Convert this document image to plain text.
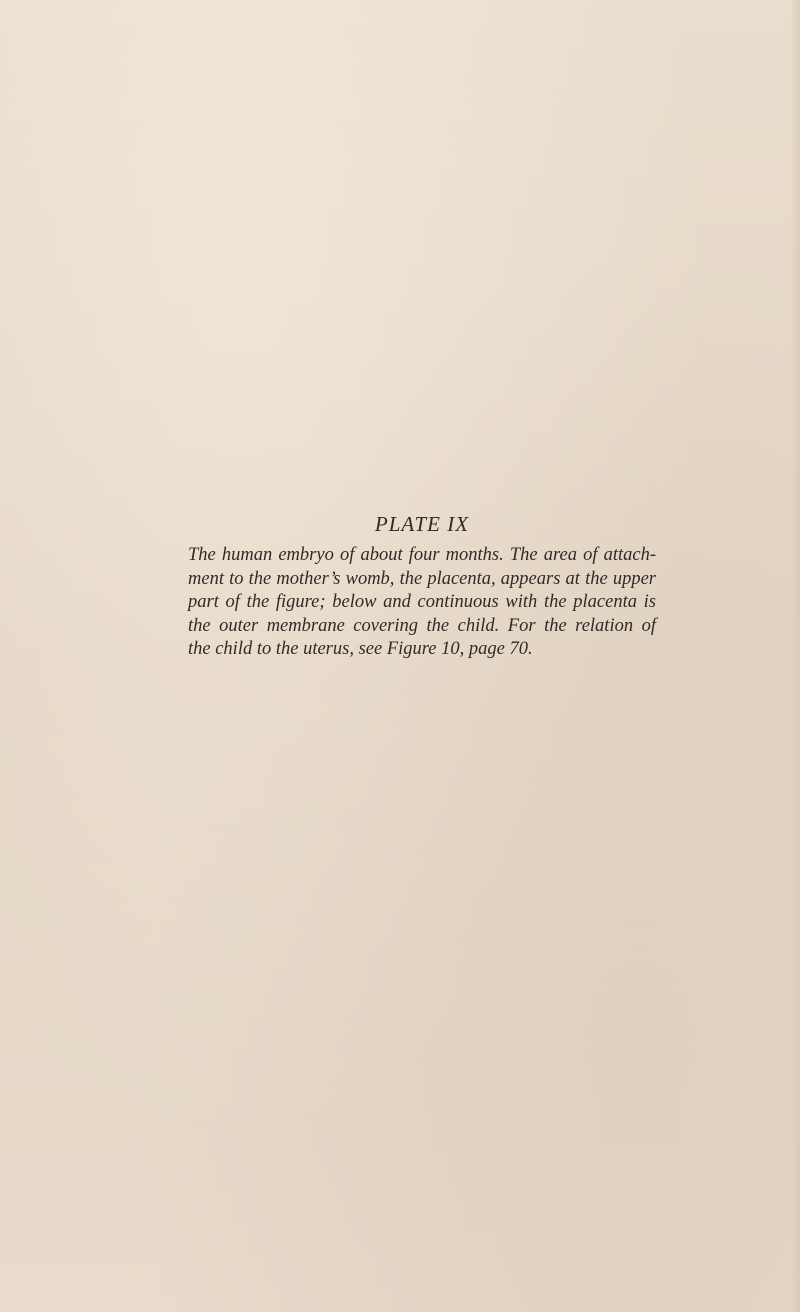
PLATE IX
The human embryo of about four months. The area of attach-
ment to the mother’s womb, the placenta, appears at the upper
part of the figure; below and continuous with the placenta is
the outer membrane covering the child. For the relation of
the child to the uterus, see Figure 10, page 70.
